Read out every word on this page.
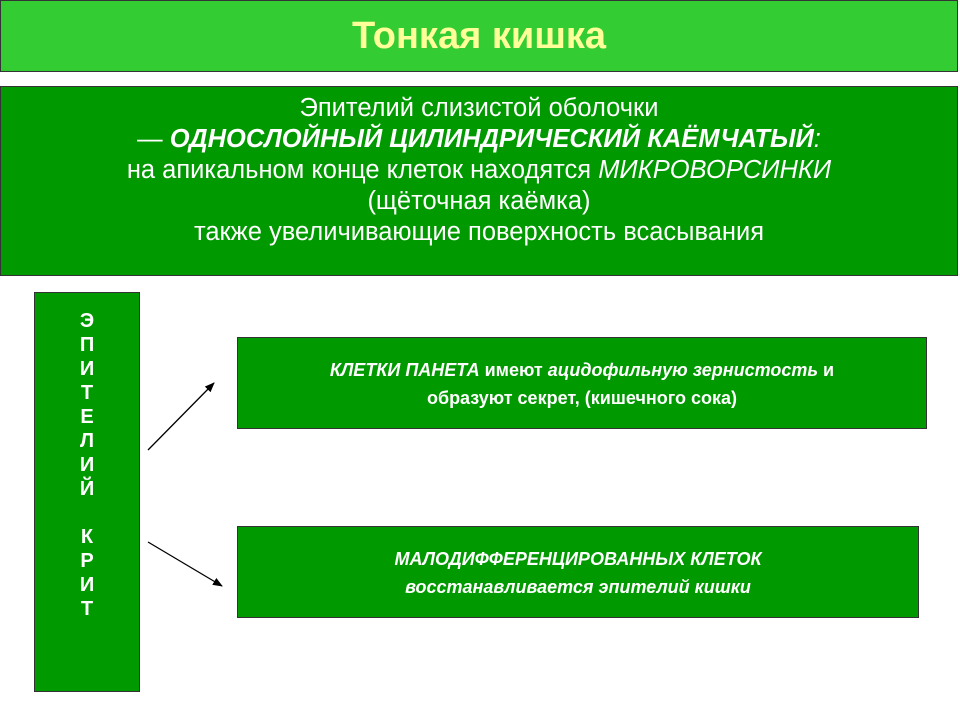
Тонкая кишка
Эпителий слизистой оболочки
— ОДНОСЛОЙНЫЙ ЦИЛИНДРИЧЕСКИЙ КАЁМЧАТЫЙ:
на апикальном конце клеток находятся МИКРОВОРСИНКИ
(щёточная каёмка)
также увеличивающие поверхность всасывания
Э
П
И
Т
Е
Л
И
Й
К
Р
И
Т
КЛЕТКИ ПАНЕТА имеют ацидофильную зернистость и
образуют секрет, (кишечного сока)
МАЛОДИФФЕРЕНЦИРОВАННЫХ КЛЕТОК
восстанавливается эпителий кишки
